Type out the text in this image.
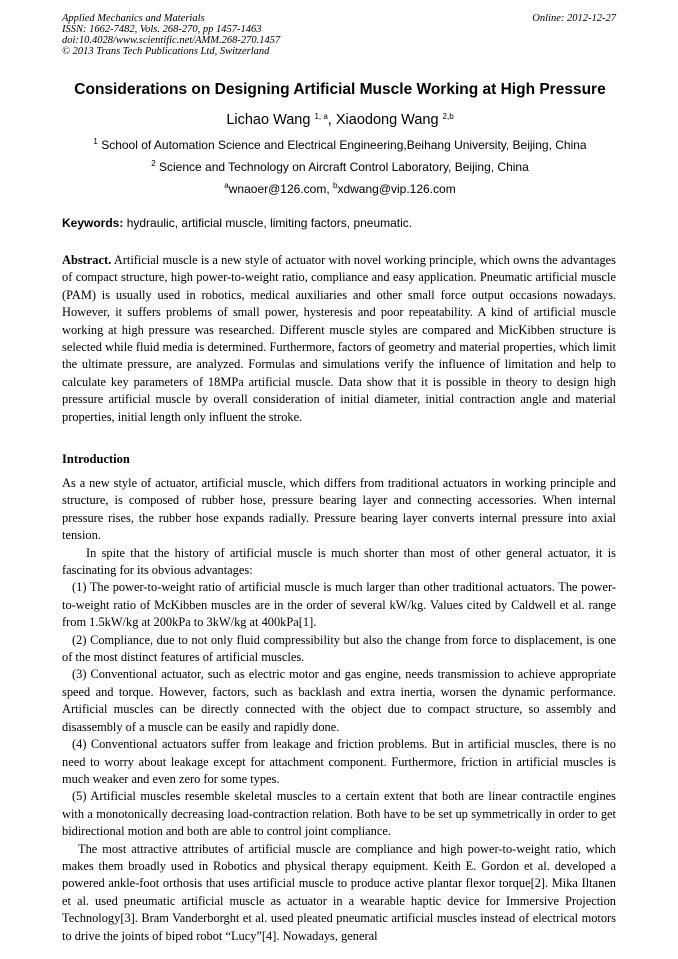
Applied Mechanics and Materials
ISSN: 1662-7482, Vols. 268-270, pp 1457-1463
doi:10.4028/www.scientific.net/AMM.268-270.1457
© 2013 Trans Tech Publications Ltd, Switzerland
Online: 2012-12-27
Considerations on Designing Artificial Muscle Working at High Pressure
Lichao Wang $^{1, a}$, Xiaodong Wang $^{2,b}$
$^1$ School of Automation Science and Electrical Engineering,Beihang University, Beijing, China
$^2$ Science and Technology on Aircraft Control Laboratory, Beijing, China
$^a$wnaoer@126.com, $^b$xdwang@vip.126.com
Keywords: hydraulic, artificial muscle, limiting factors, pneumatic.
Abstract. Artificial muscle is a new style of actuator with novel working principle, which owns the advantages of compact structure, high power-to-weight ratio, compliance and easy application. Pneumatic artificial muscle (PAM) is usually used in robotics, medical auxiliaries and other small force output occasions nowadays. However, it suffers problems of small power, hysteresis and poor repeatability. A kind of artificial muscle working at high pressure was researched. Different muscle styles are compared and MicKibben structure is selected while fluid media is determined. Furthermore, factors of geometry and material properties, which limit the ultimate pressure, are analyzed. Formulas and simulations verify the influence of limitation and help to calculate key parameters of 18MPa artificial muscle. Data show that it is possible in theory to design high pressure artificial muscle by overall consideration of initial diameter, initial contraction angle and material properties, initial length only influent the stroke.
Introduction

As a new style of actuator, artificial muscle, which differs from traditional actuators in working principle and structure, is composed of rubber hose, pressure bearing layer and connecting accessories. When internal pressure rises, the rubber hose expands radially. Pressure bearing layer converts internal pressure into axial tension.

In spite that the history of artificial muscle is much shorter than most of other general actuator, it is fascinating for its obvious advantages:

(1) The power-to-weight ratio of artificial muscle is much larger than other traditional actuators. The power-to-weight ratio of McKibben muscles are in the order of several kW/kg. Values cited by Caldwell et al. range from 1.5kW/kg at 200kPa to 3kW/kg at 400kPa[1].

(2) Compliance, due to not only fluid compressibility but also the change from force to displacement, is one of the most distinct features of artificial muscles.

(3) Conventional actuator, such as electric motor and gas engine, needs transmission to achieve appropriate speed and torque. However, factors, such as backlash and extra inertia, worsen the dynamic performance. Artificial muscles can be directly connected with the object due to compact structure, so assembly and disassembly of a muscle can be easily and rapidly done.

(4) Conventional actuators suffer from leakage and friction problems. But in artificial muscles, there is no need to worry about leakage except for attachment component. Furthermore, friction in artificial muscles is much weaker and even zero for some types.

(5) Artificial muscles resemble skeletal muscles to a certain extent that both are linear contractile engines with a monotonically decreasing load-contraction relation. Both have to be set up symmetrically in order to get bidirectional motion and both are able to control joint compliance.

The most attractive attributes of artificial muscle are compliance and high power-to-weight ratio, which makes them broadly used in Robotics and physical therapy equipment. Keith E. Gordon et al. developed a powered ankle-foot orthosis that uses artificial muscle to produce active plantar flexor torque[2]. Mika Iltanen et al. used pneumatic artificial muscle as actuator in a wearable haptic device for Immersive Projection Technology[3]. Bram Vanderborght et al. used pleated pneumatic artificial muscles instead of electrical motors to drive the joints of biped robot “Lucy”[4]. Nowadays, general
